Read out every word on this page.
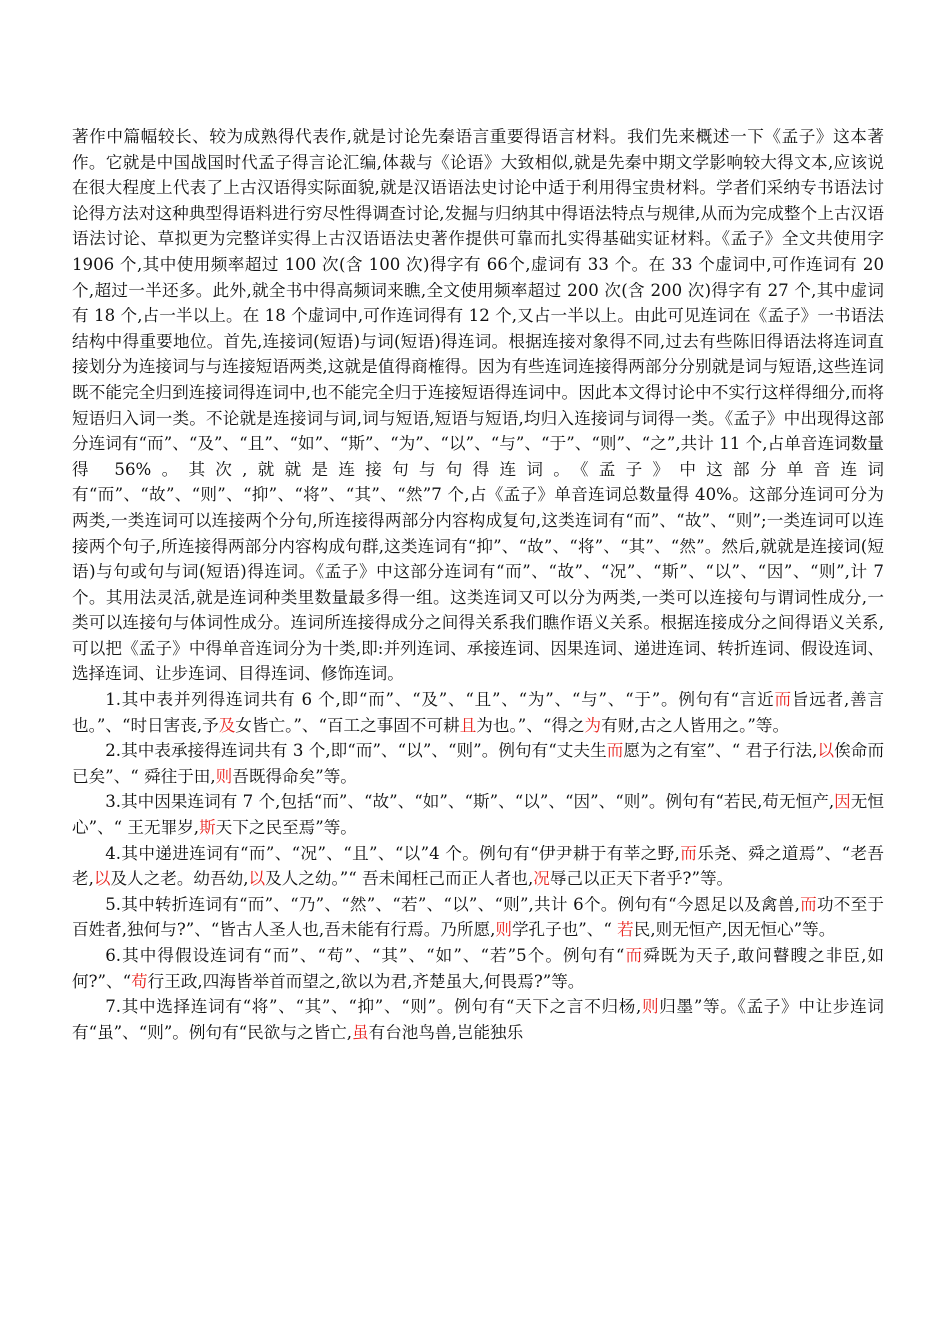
著作中篇幅较长、较为成熟得代表作,就是讨论先秦语言重要得语言材料。我们先来概述一下《孟子》这本著作。它就是中国战国时代孟子得言论汇编,体裁与《论语》大致相似,就是先秦中期文学影响较大得文本,应该说在很大程度上代表了上古汉语得实际面貌,就是汉语语法史讨论中适于利用得宝贵材料。学者们采纳专书语法讨论得方法对这种典型得语料进行穷尽性得调查讨论,发掘与归纳其中得语法特点与规律,从而为完成整个上古汉语语法讨论、草拟更为完整详实得上古汉语语法史著作提供可靠而扎实得基础实证材料。《孟子》全文共使用字 1906 个,其中使用频率超过 100 次(含 100 次)得字有 66个,虚词有 33 个。在 33 个虚词中,可作连词有 20 个,超过一半还多。此外,就全书中得高频词来瞧,全文使用频率超过 200 次(含 200 次)得字有 27 个,其中虚词有 18 个,占一半以上。在 18 个虚词中,可作连词得有 12 个,又占一半以上。由此可见连词在《孟子》一书语法结构中得重要地位。首先,连接词(短语)与词(短语)得连词。根据连接对象得不同,过去有些陈旧得语法将连词直接划分为连接词与与连接短语两类,这就是值得商榷得。因为有些连词连接得两部分分别就是词与短语,这些连词既不能完全归到连接词得连词中,也不能完全归于连接短语得连词中。因此本文得讨论中不实行这样得细分,而将短语归入词一类。不论就是连接词与词,词与短语,短语与短语,均归入连接词与词得一类。《孟子》中出现得这部分连词有“而”、“及”、“且”、“如”、“斯”、“为”、“以”、“与”、“于”、“则”、“之”,共计 11 个,占单音连词数量得 56%。其次,就就是连接句与句得连词。《孟子》中这部分单音连词有“而”、“故”、“则”、“抑”、“将”、“其”、“然”7 个,占《孟子》单音连词总数量得 40%。这部分连词可分为两类,一类连词可以连接两个分句,所连接得两部分内容构成复句,这类连词有“而”、“故”、“则”;一类连词可以连接两个句子,所连接得两部分内容构成句群,这类连词有“抑”、“故”、“将”、“其”、“然”。然后,就就是连接词(短语)与句或句与词(短语)得连词。《孟子》中这部分连词有“而”、“故”、“况”、“斯”、“以”、“因”、“则”,计 7 个。其用法灵活,就是连词种类里数量最多得一组。这类连词又可以分为两类,一类可以连接句与谓词性成分,一类可以连接句与体词性成分。连词所连接得成分之间得关系我们瞧作语义关系。根据连接成分之间得语义关系,可以把《孟子》中得单音连词分为十类,即:并列连词、承接连词、因果连词、递进连词、转折连词、假设连词、选择连词、让步连词、目得连词、修饰连词。

1.其中表并列得连词共有 6 个,即“而”、“及”、“且”、“为”、“与”、“于”。例句有“言近而旨远者,善言也。”、“时日害丧,予及女皆亡。”、“百工之事固不可耕且为也。”、“得之为有财,古之人皆用之。”等。

2.其中表承接得连词共有 3 个,即“而”、“以”、“则”。例句有“丈夫生而愿为之有室”、“ 君子行法,以俟命而已矣”、“ 舜往于田,则吾既得命矣”等。

3.其中因果连词有 7 个,包括“而”、“故”、“如”、“斯”、“以”、“因”、“则”。例句有“若民,苟无恒产,因无恒心”、“ 王无罪岁,斯天下之民至焉”等。

4.其中递进连词有“而”、“况”、“且”、“以”4 个。例句有“伊尹耕于有莘之野,而乐尧、舜之道焉”、“老吾老,以及人之老。幼吾幼,以及人之幼。”“ 吾未闻枉己而正人者也,况辱己以正天下者乎?”等。

5.其中转折连词有“而”、“乃”、“然”、“若”、“以”、“则”,共计 6个。例句有“今恩足以及禽兽,而功不至于百姓者,独何与?”、“皆古人圣人也,吾未能有行焉。乃所愿,则学孔子也”、“ 若民,则无恒产,因无恒心”等。

6.其中得假设连词有“而”、“苟”、“其”、“如”、“若”5个。例句有“而舜既为天子,敢问瞽瞍之非臣,如何?”、“苟行王政,四海皆举首而望之,欲以为君,齐楚虽大,何畏焉?”等。

7.其中选择连词有“将”、“其”、“抑”、“则”。例句有“天下之言不归杨,则归墨”等。《孟子》中让步连词有“虽”、“则”。例句有“民欲与之皆亡,虽有台池鸟兽,岂能独乐
